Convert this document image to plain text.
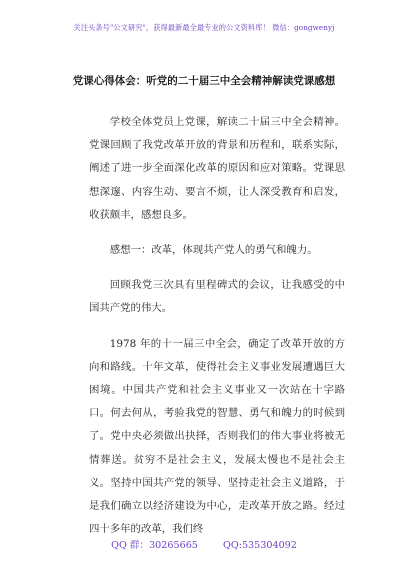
关注头条号"公文研究"，获得最新最全最专业的公文资料库！ 微信：gongwenyj
党课心得体会：听党的二十届三中全会精神解读党课感想

学校全体党员上党课，解读二十届三中全会精神。党课回顾了我党改革开放的背景和历程和，联系实际，阐述了进一步全面深化改革的原因和应对策略。党课思想深邃、内容生动、要言不烦，让人深受教育和启发，收获颇丰，感想良多。

感想一：改革，体现共产党人的勇气和魄力。

回顾我党三次具有里程碑式的会议，让我感受的中国共产党的伟大。

1978 年的十一届三中全会，确定了改革开放的方向和路线。十年文革，使得社会主义事业发展遭遇巨大困境。中国共产党和社会主义事业又一次站在十字路口。何去何从，考验我党的智慧、勇气和魄力的时候到了。党中央必须做出抉择，否则我们的伟大事业将被无情葬送。贫穷不是社会主义，发展太慢也不是社会主义。坚持中国共产党的领导、坚持走社会主义道路，于是我们确立以经济建设为中心，走改革开放之路。经过四十多年的改革，我们终

QQ 群：30265665	QQ:535304092
